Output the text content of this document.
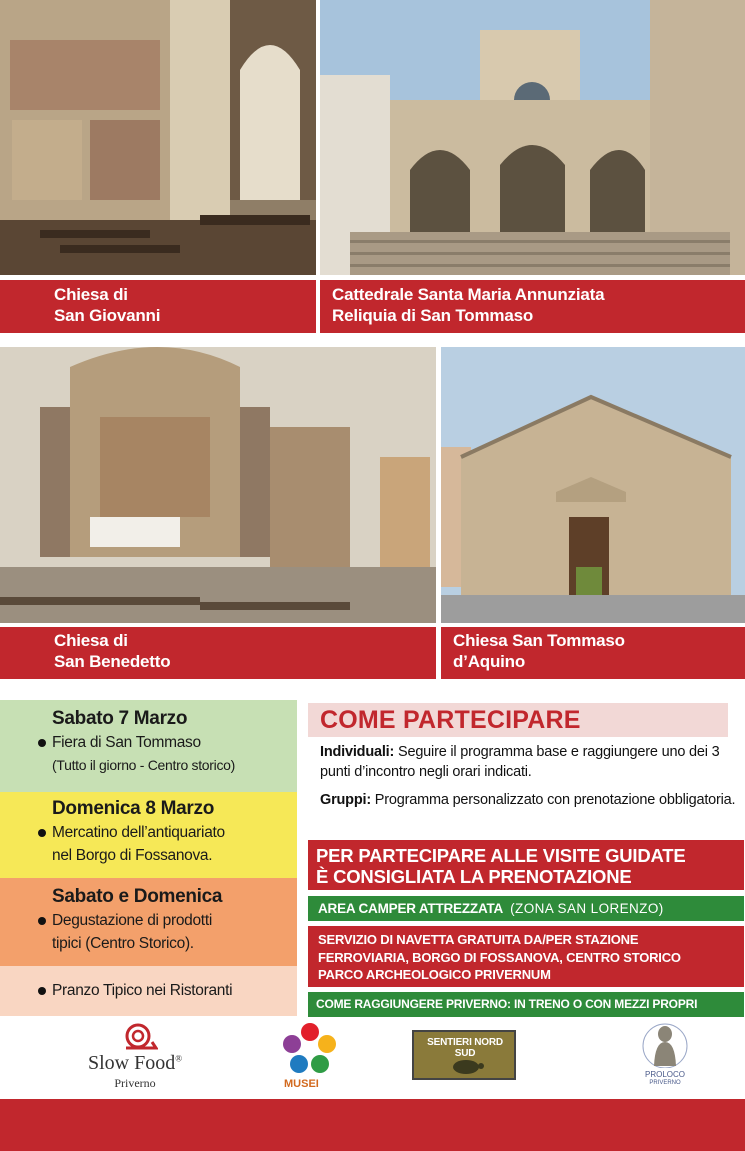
Chiesa di
San Giovanni
Cattedrale Santa Maria Annunziata
Reliquia di San Tommaso
Chiesa di
San Benedetto
Chiesa San Tommaso
d’Aquino
Sabato 7 Marzo
Fiera di San Tommaso
(Tutto il giorno - Centro storico)
Domenica 8 Marzo
Mercatino dell’antiquariato
nel Borgo di Fossanova.
Sabato e Domenica
Degustazione di prodotti
tipici (Centro Storico).
Pranzo Tipico nei Ristoranti
COME PARTECIPARE
Individuali: Seguire il programma base e raggiungere uno dei 3 punti d’incontro negli orari indicati.
Gruppi: Programma personalizzato con prenotazione obbligatoria.
PER PARTECIPARE ALLE VISITE GUIDATE
È CONSIGLIATA LA PRENOTAZIONE
AREA CAMPER ATTREZZATA (ZONA SAN LORENZO)
SERVIZIO DI NAVETTA GRATUITA DA/PER STAZIONE
FERROVIARIA, BORGO DI FOSSANOVA, CENTRO STORICO
PARCO ARCHEOLOGICO PRIVERNUM
COME RAGGIUNGERE PRIVERNO: IN TRENO O CON MEZZI PROPRI
Slow Food®
Priverno	MUSEI
SENTIERI NORD SUD
PROLOCO
PRIVERNO
